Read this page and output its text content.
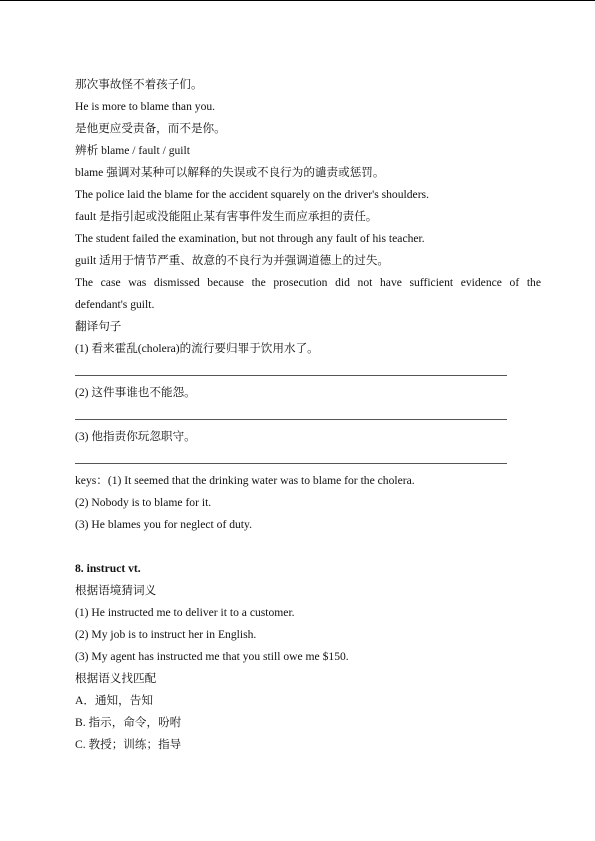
那次事故怪不着孩子们。
He is more to blame than you.
是他更应受责备，而不是你。
辨析 blame / fault / guilt
blame 强调对某种可以解释的失误或不良行为的谴责或惩罚。
The police laid the blame for the accident squarely on the driver's shoulders.
fault 是指引起或没能阻止某有害事件发生而应承担的责任。
The student failed the examination, but not through any fault of his teacher.
guilt 适用于情节严重、故意的不良行为并强调道德上的过失。
The case was dismissed because the prosecution did not have sufficient evidence of the
defendant's guilt.
翻译句子
(1) 看来霍乱(cholera)的流行要归罪于饮用水了。
(2) 这件事谁也不能怨。
(3) 他指责你玩忽职守。
keys：(1) It seemed that the drinking water was to blame for the cholera.
(2) Nobody is to blame for it.
(3) He blames you for neglect of duty.
8. instruct vt.
根据语境猜词义
(1) He instructed me to deliver it to a customer.
(2) My job is to instruct her in English.
(3) My agent has instructed me that you still owe me $150.
根据语义找匹配
A．通知，告知
B. 指示，命令，吩咐
C. 教授；训练；指导
